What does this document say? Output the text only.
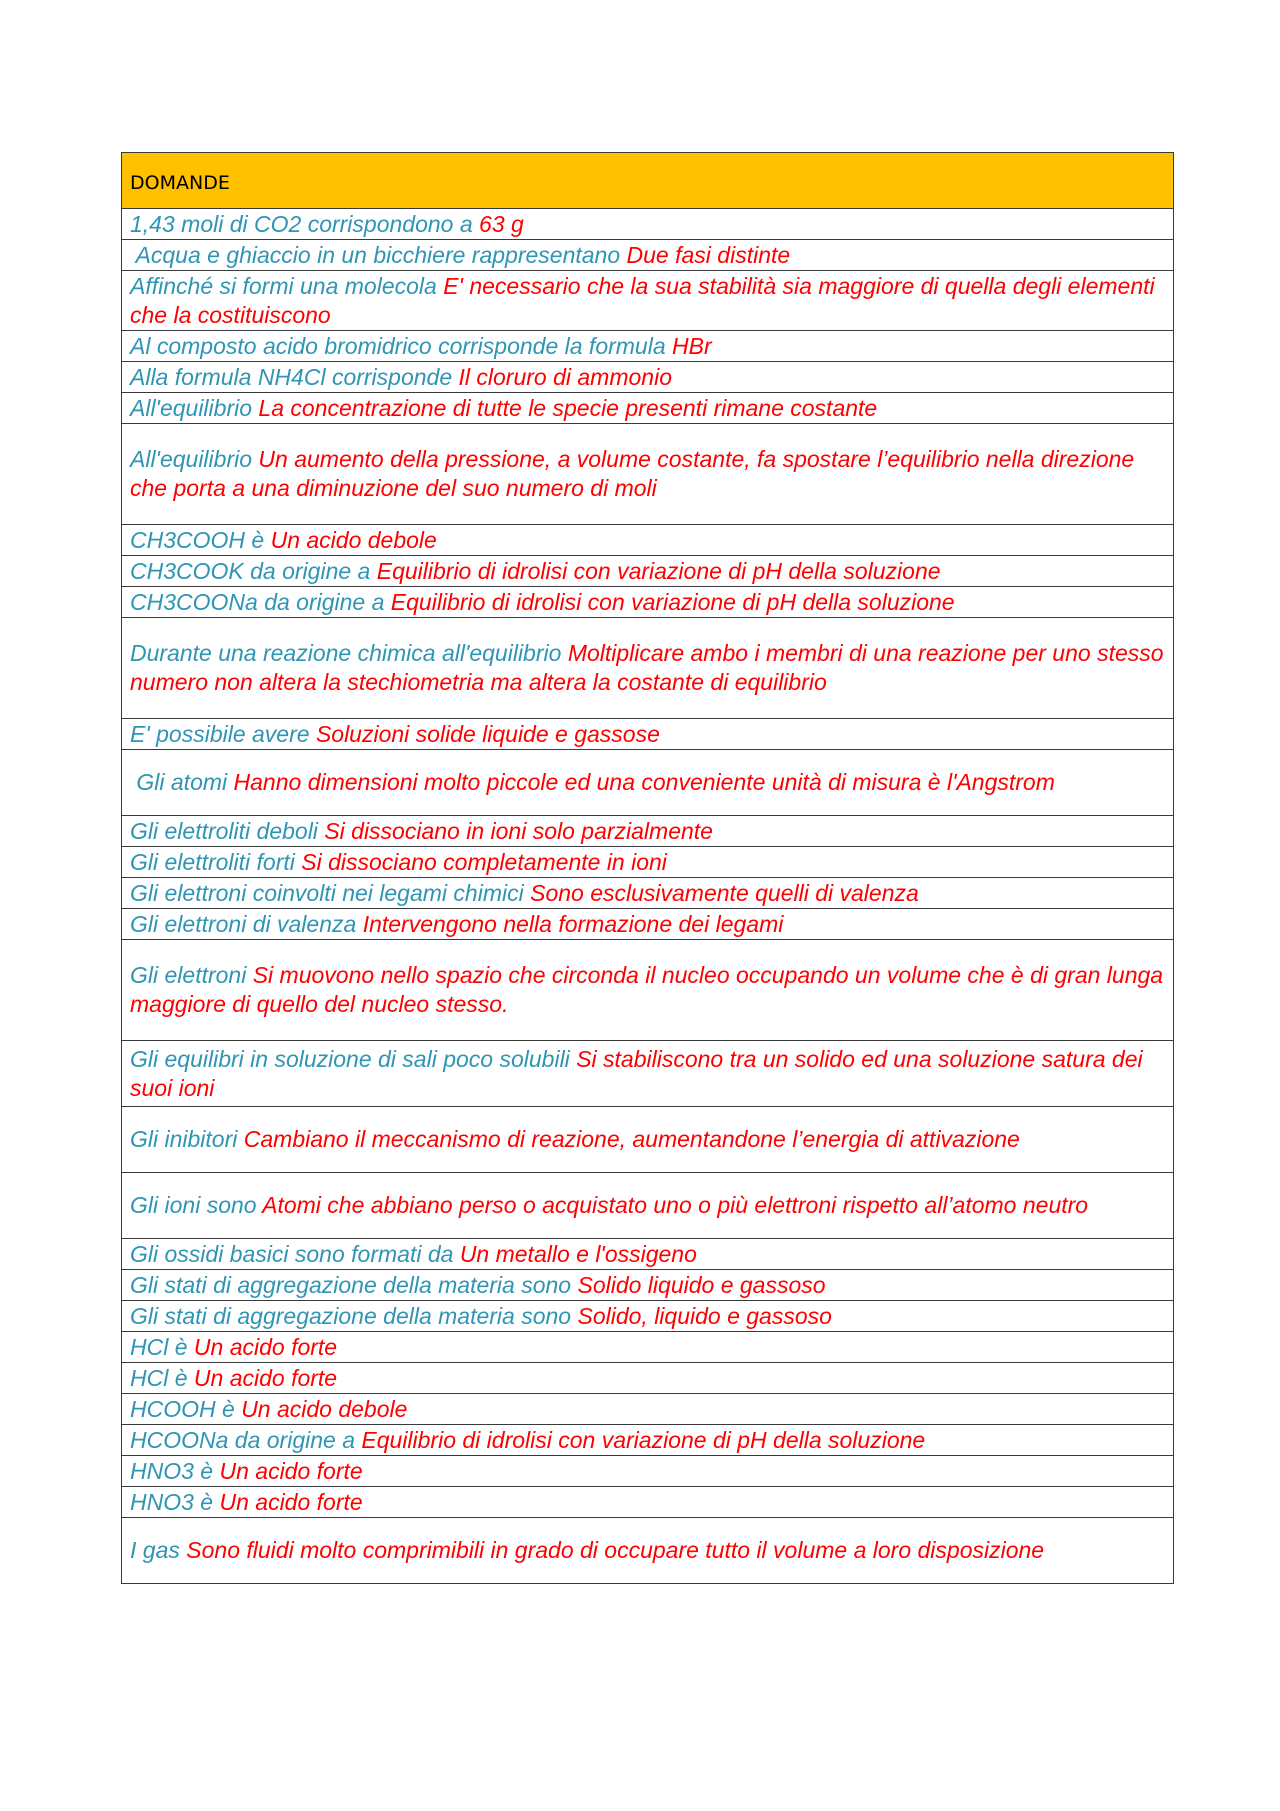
DOMANDE
1,43 moli di CO2 corrispondono a 63 g
Acqua e ghiaccio in un bicchiere rappresentano Due fasi distinte
Affinché si formi una molecola E' necessario che la sua stabilità sia maggiore di quella degli elementi che la costituiscono
Al composto acido bromidrico corrisponde la formula HBr
Alla formula NH4Cl corrisponde Il cloruro di ammonio
All'equilibrio La concentrazione di tutte le specie presenti rimane costante
All'equilibrio Un aumento della pressione, a volume costante, fa spostare l’equilibrio nella direzione che porta a una diminuzione del suo numero di moli
CH3COOH è Un acido debole
CH3COOK da origine a Equilibrio di idrolisi con variazione di pH della soluzione
CH3COONa da origine a Equilibrio di idrolisi con variazione di pH della soluzione
Durante una reazione chimica all'equilibrio Moltiplicare ambo i membri di una reazione per uno stesso numero non altera la stechiometria ma altera la costante di equilibrio
E' possibile avere Soluzioni solide liquide e gassose
Gli atomi Hanno dimensioni molto piccole ed una conveniente unità di misura è l'Angstrom
Gli elettroliti deboli Si dissociano in ioni solo parzialmente
Gli elettroliti forti Si dissociano completamente in ioni
Gli elettroni coinvolti nei legami chimici Sono esclusivamente quelli di valenza
Gli elettroni di valenza Intervengono nella formazione dei legami
Gli elettroni Si muovono nello spazio che circonda il nucleo occupando un volume che è di gran lunga maggiore di quello del nucleo stesso.
Gli equilibri in soluzione di sali poco solubili Si stabiliscono tra un solido ed una soluzione satura dei suoi ioni
Gli inibitori Cambiano il meccanismo di reazione, aumentandone l’energia di attivazione
Gli ioni sono Atomi che abbiano perso o acquistato uno o più elettroni rispetto all’atomo neutro
Gli ossidi basici sono formati da Un metallo e l'ossigeno
Gli stati di aggregazione della materia sono Solido liquido e gassoso
Gli stati di aggregazione della materia sono Solido, liquido e gassoso
HCl è Un acido forte
HCl è Un acido forte
HCOOH è Un acido debole
HCOONa da origine a Equilibrio di idrolisi con variazione di pH della soluzione
HNO3 è Un acido forte
HNO3 è Un acido forte
I gas Sono fluidi molto comprimibili in grado di occupare tutto il volume a loro disposizione
